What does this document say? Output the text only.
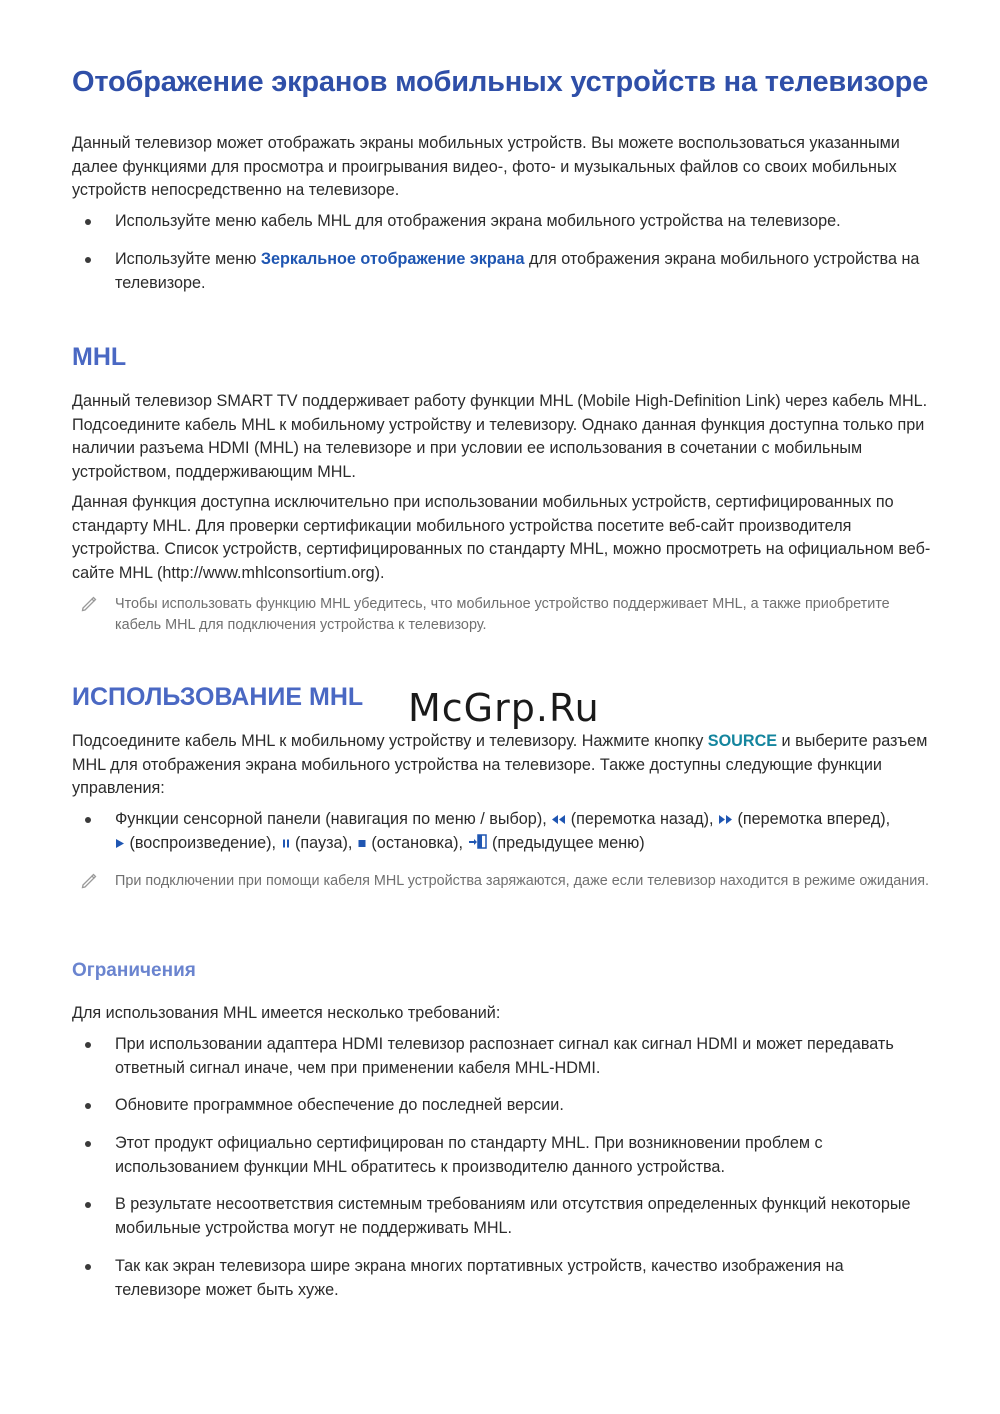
Отображение экранов мобильных устройств на телевизоре

Данный телевизор может отображать экраны мобильных устройств. Вы можете воспользоваться указанными далее функциями для просмотра и проигрывания видео-, фото- и музыкальных файлов со своих мобильных устройств непосредственно на телевизоре.

Используйте меню кабель MHL для отображения экрана мобильного устройства на телевизоре.
Используйте меню Зеркальное отображение экрана для отображения экрана мобильного устройства на телевизоре.
MHL

Данный телевизор SMART TV поддерживает работу функции MHL (Mobile High-Definition Link) через кабель MHL. Подсоедините кабель MHL к мобильному устройству и телевизору. Однако данная функция доступна только при наличии разъема HDMI (MHL) на телевизоре и при условии ее использования в сочетании с мобильным устройством, поддерживающим MHL.

Данная функция доступна исключительно при использовании мобильных устройств, сертифицированных по стандарту MHL. Для проверки сертификации мобильного устройства посетите веб-сайт производителя устройства. Список устройств, сертифицированных по стандарту MHL, можно просмотреть на официальном веб-сайте MHL (http://www.mhlconsortium.org).

Чтобы использовать функцию MHL убедитесь, что мобильное устройство поддерживает MHL, а также приобретите кабель MHL для подключения устройства к телевизору.
ИСПОЛЬЗОВАНИЕ MHL

Подсоедините кабель MHL к мобильному устройству и телевизору. Нажмите кнопку SOURCE и выберите разъем MHL для отображения экрана мобильного устройства на телевизоре. Также доступны следующие функции управления:

Функции сенсорной панели (навигация по меню / выбор),  (перемотка назад),  (перемотка вперед),
(воспроизведение),  (пауза),  (остановка),  (предыдущее меню)
При подключении при помощи кабеля MHL устройства заряжаются, даже если телевизор находится в режиме ожидания.
Ограничения

Для использования MHL имеется несколько требований:

При использовании адаптера HDMI телевизор распознает сигнал как сигнал HDMI и может передавать ответный сигнал иначе, чем при применении кабеля MHL-HDMI.
Обновите программное обеспечение до последней версии.
Этот продукт официально сертифицирован по стандарту MHL. При возникновении проблем с использованием функции MHL обратитесь к производителю данного устройства.
В результате несоответствия системным требованиям или отсутствия определенных функций некоторые мобильные устройства могут не поддерживать MHL.
Так как экран телевизора шире экрана многих портативных устройств, качество изображения на телевизоре может быть хуже.
McGrp.Ru
